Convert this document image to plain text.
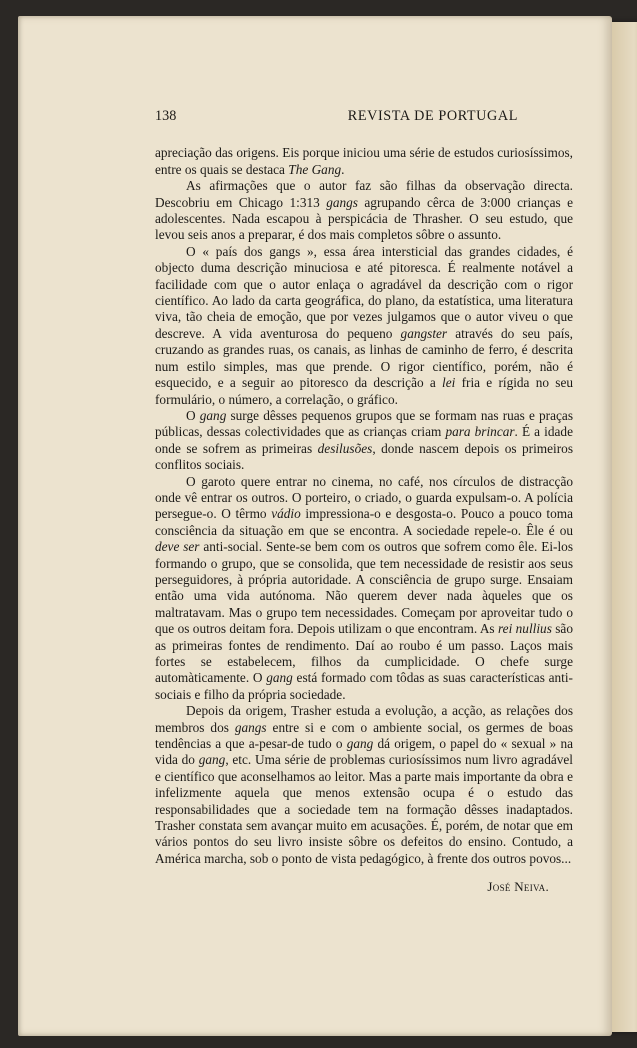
138	REVISTA DE PORTUGAL

apreciação das origens. Eis porque iniciou uma série de estudos curiosíssimos, entre os quais se destaca The Gang.

As afirmações que o autor faz são filhas da observação directa. Descobriu em Chicago 1:313 gangs agrupando cêrca de 3:000 crianças e adolescentes. Nada escapou à perspicácia de Thrasher. O seu estudo, que levou seis anos a preparar, é dos mais completos sôbre o assunto.

O « país dos gangs », essa área intersticial das grandes cidades, é objecto duma descrição minuciosa e até pitoresca. É realmente notável a facilidade com que o autor enlaça o agradável da descrição com o rigor científico. Ao lado da carta geográfica, do plano, da estatística, uma literatura viva, tão cheia de emoção, que por vezes julgamos que o autor viveu o que descreve. A vida aventurosa do pequeno gangster através do seu país, cruzando as grandes ruas, os canais, as linhas de caminho de ferro, é descrita num estilo simples, mas que prende. O rigor científico, porém, não é esquecido, e a seguir ao pitoresco da descrição a lei fria e rígida no seu formulário, o número, a correlação, o gráfico.

O gang surge dêsses pequenos grupos que se formam nas ruas e praças públicas, dessas colectividades que as crianças criam para brincar. É a idade onde se sofrem as primeiras desilusões, donde nascem depois os primeiros conflitos sociais.

O garoto quere entrar no cinema, no café, nos círculos de distracção onde vê entrar os outros. O porteiro, o criado, o guarda expulsam-o. A polícia persegue-o. O têrmo vádio impressiona-o e desgosta-o. Pouco a pouco toma consciência da situação em que se encontra. A sociedade repele-o. Êle é ou deve ser anti-social. Sente-se bem com os outros que sofrem como êle. Ei-los formando o grupo, que se consolida, que tem necessidade de resistir aos seus perseguidores, à própria autoridade. A consciência de grupo surge. Ensaiam então uma vida autónoma. Não querem dever nada àqueles que os maltratavam. Mas o grupo tem necessidades. Começam por aproveitar tudo o que os outros deitam fora. Depois utilizam o que encontram. As rei nullius são as primeiras fontes de rendimento. Daí ao roubo é um passo. Laços mais fortes se estabelecem, filhos da cumplicidade. O chefe surge automàticamente. O gang está formado com tôdas as suas características anti-sociais e filho da própria sociedade.

Depois da origem, Trasher estuda a evolução, a acção, as relações dos membros dos gangs entre si e com o ambiente social, os germes de boas tendências a que a-pesar-de tudo o gang dá origem, o papel do « sexual » na vida do gang, etc. Uma série de problemas curiosíssimos num livro agradável e científico que aconselhamos ao leitor. Mas a parte mais importante da obra e infelizmente aquela que menos extensão ocupa é o estudo das responsabilidades que a sociedade tem na formação dêsses inadaptados. Trasher constata sem avançar muito em acusações. É, porém, de notar que em vários pontos do seu livro insiste sôbre os defeitos do ensino. Contudo, a América marcha, sob o ponto de vista pedagógico, à frente dos outros povos...

José Neiva.
